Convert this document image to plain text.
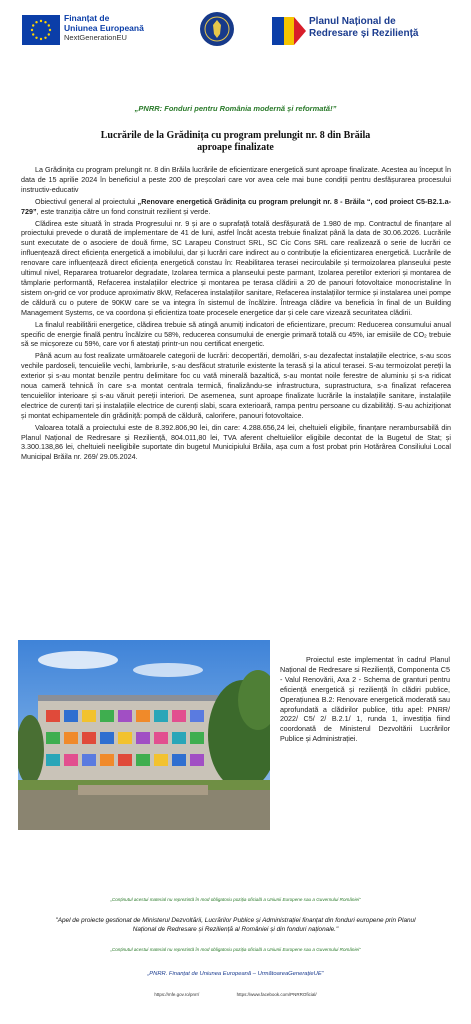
Finanțat de
Uniunea Europeană
NextGenerationEU
Planul Național de
Redresare și Reziliență
„PNRR: Fonduri pentru România modernă și reformată!”
Lucrările de la Grădinița cu program prelungit nr. 8 din Brăila
aproape finalizate

La Grădinița cu program prelungit nr. 8 din Brăila lucrările de eficientizare energetică sunt aproape finalizate. Acestea au început în data de 15 aprilie 2024 în beneficiul a peste 200 de preșcolari care vor avea cele mai bune condiții pentru desfășurarea procesului instructiv-educativ

Obiectivul general al proiectului „Renovare energetică Grădinița cu program prelungit nr. 8 - Brăila “, cod proiect C5-B2.1.a-729”, este tranziția către un fond construit rezilient și verde.

Clădirea este situată în strada Progresului nr. 9 și are o suprafață totală desfășurată de 1.980 de mp. Contractul de finanțare al proiectului prevede o durată de implementare de 41 de luni, astfel încât acesta trebuie finalizat până la data de 30.06.2026. Lucrările sunt executate de o asociere de două firme, SC Larapeu Construct SRL, SC Cic Cons SRL care realizează o serie de lucrări ce influențează direct eficiența energetică a imobilului, dar și lucrări care indirect au o contribuție la eficientizarea energetică. Lucrările de renovare care influențează direct eficiența energetică constau în: Reabilitarea terasei necirculabile și termoizolarea planseului peste ultimul nivel, Repararea trotuarelor degradate, Izolarea termica a planseului peste parmant, Izolarea peretilor exteriori și montarea de tâmplarie performantă, Refacerea instalațiilor electrice și montarea pe terasa clădirii a 20 de panouri fotovoltaice monocristaline în sistem on-grid ce vor produce aproximativ 8kW, Refacerea instalațiilor sanitare, Refacerea instalațiilor termice și instalarea unei pompe de căldură cu o putere de 90KW care se va integra în sistemul de încălzire. Întreaga clădire va beneficia în final de un Building Management Systems, ce va coordona și eficientiza toate procesele energetice dar și cele care vizează securitatea clădirii.

La finalul reabilitării energetice, clădirea trebuie să atingă anumiți indicatori de eficientizare, precum: Reducerea consumului anual specific de energie finală pentru încălzire cu 58%, reducerea consumului de energie primară totală cu 45%, iar emisiile de CO₂ trebuie să se micșoreze cu 59%, care vor fi atestați printr-un nou certificat energetic.

Până acum au fost realizate următoarele categorii de lucrări: decopertări, demolări, s-au dezafectat instalațiile electrice, s-au scos vechile pardoseli, tencuielile vechi, lambriurile, s-au desfăcut straturile existente la terasă și la aticul terasei. S-au termoizolat pereții la exterior și s-au montat benzile pentru delimitare foc cu vată minerală bazaltică, s-au montat noile ferestre de aluminiu și s-a ridicat noua cameră tehnică în care s-a montat centrala termică, finalizându-se infrastructura, suprastructura, s-a finalizat refacerea tencuielilor interioare și s-au văruit pereții interiori. De asemenea, sunt aproape finalizate lucrările la instalațiile sanitare, instalațiile electrice de curenți tari și instalațiile electrice de curenți slabi, scara exterioară, rampa pentru persoane cu dizabilități. S-au achiziționat și montat echipamentele din grădiniță: pompă de căldură, calorifere, panouri fotovoltaice.

Valoarea totală a proiectului este de 8.392.806,90 lei, din care: 4.288.656,24 lei, cheltuieli eligibile, finanțare nerambursabilă din Planul Național de Redresare și Reziliență, 804.011,80 lei, TVA aferent cheltuielilor eligibile decontat de la Bugetul de Stat; și 3.300.138,86 lei, cheltuieli neeligibile suportate din bugetul Municipiului Brăila, așa cum a fost probat prin Hotărârea Consiliului Local Municipal Brăila nr. 269/ 29.05.2024.

Proiectul este implementat în cadrul Planul Național de Redresare si Reziliență, Componenta C5 - Valul Renovării, Axa 2 - Schema de granturi pentru eficiență energetică și reziliență în clădiri publice, Operațiunea B.2: Renovare energetică moderată sau aprofundată a clădirilor publice, titlu apel: PNRR/ 2022/ C5/ 2/ B.2.1/ 1, runda 1, investiția fiind coordonată de Ministerul Dezvoltării Lucrărilor Publice și Administrației.

„Conținutul acestui material nu reprezintă în mod obligatoriu poziția oficială a Uniunii Europene sau a Guvernului României”
"Apel de proiecte gestionat de Ministerul Dezvoltării, Lucrărilor Publice și Administrației finanțat din fonduri europene prin Planul Național de Redresare și Reziliență al României și din fonduri naționale."
„Conținutul acestui material nu reprezintă în mod obligatoriu poziția oficială a Uniunii Europene sau a Guvernului României”
„PNRR. Finanțat de Uniunea Europeană – UrmătoareaGenerațieUE”
https://mfe.gov.ro/pnrr/	https://www.facebook.com/PNRROficial/
